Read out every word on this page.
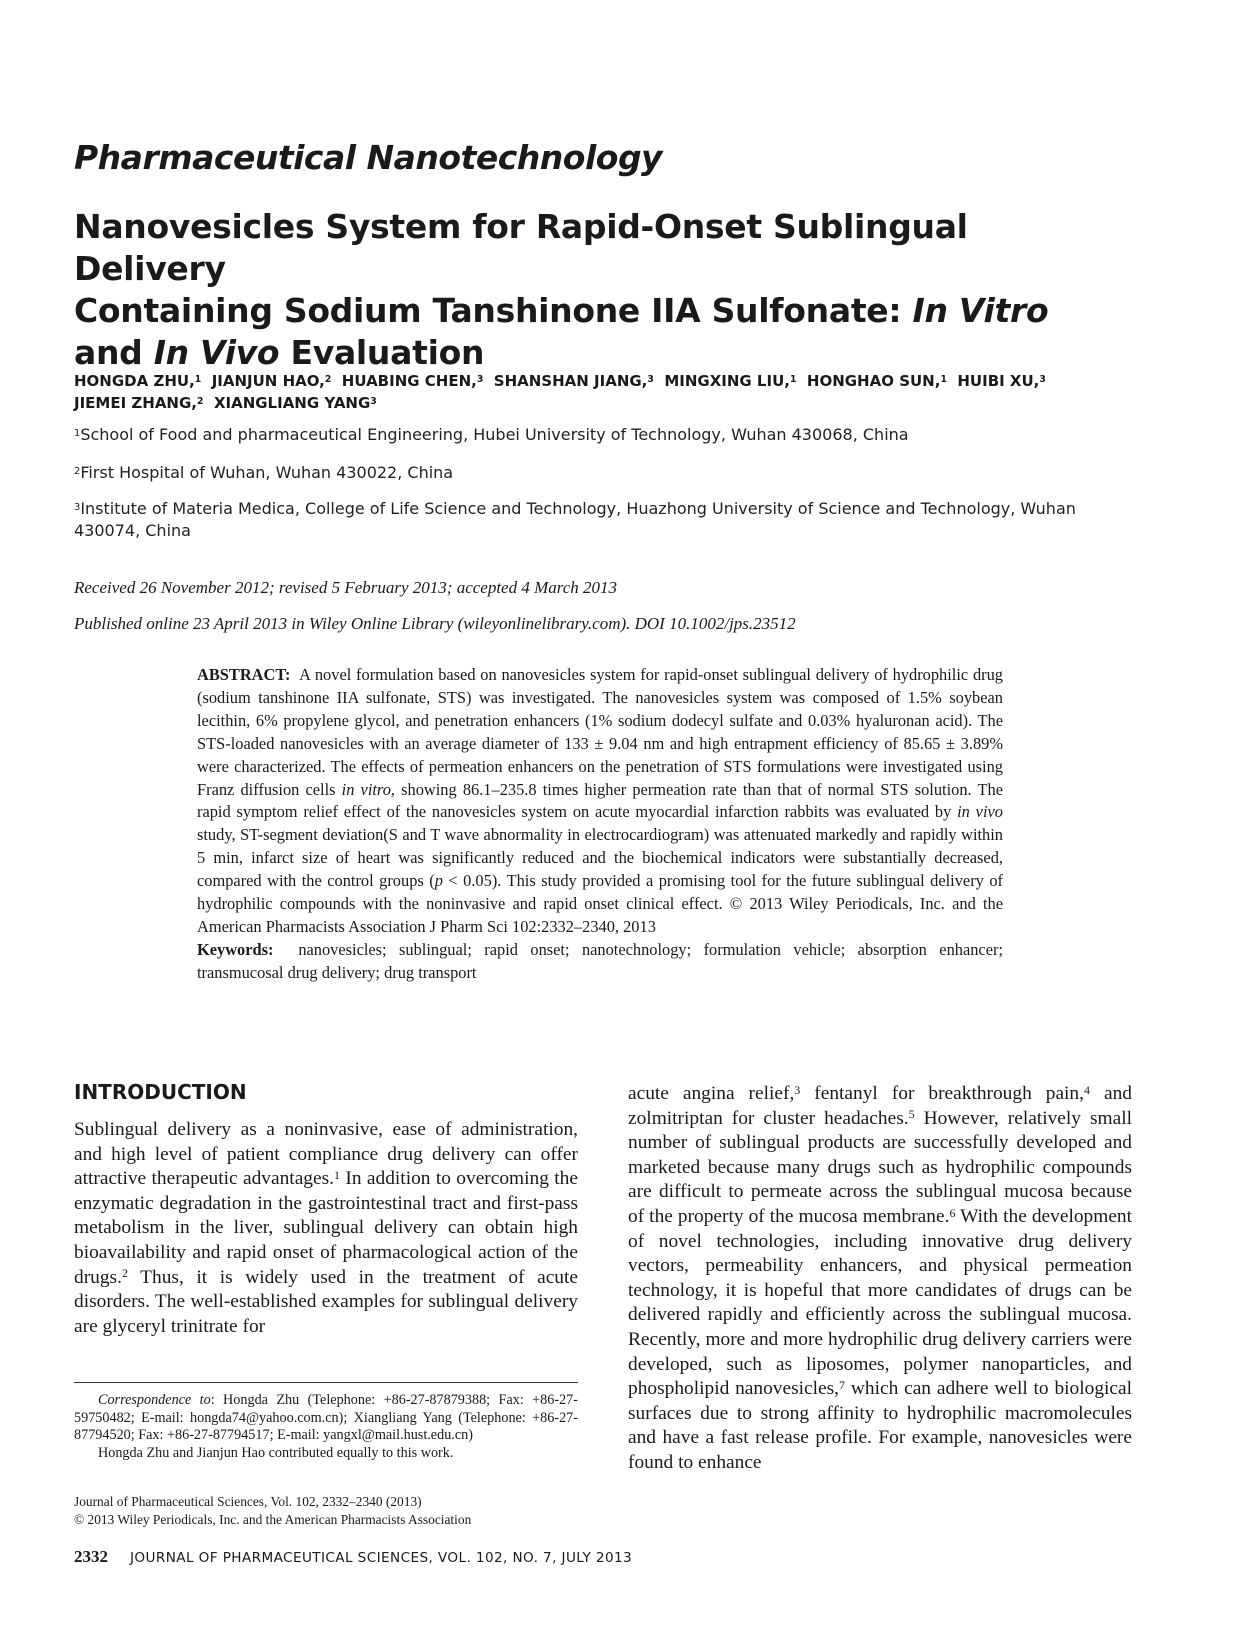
Pharmaceutical Nanotechnology
Nanovesicles System for Rapid-Onset Sublingual Delivery
Containing Sodium Tanshinone IIA Sulfonate: In Vitro
and In Vivo Evaluation
HONGDA ZHU,$^1$ JIANJUN HAO,$^2$ HUABING CHEN,$^3$ SHANSHAN JIANG,$^3$ MINGXING LIU,$^1$ HONGHAO SUN,$^1$ HUIBI XU,$^3$
JIEMEI ZHANG,$^2$ XIANGLIANG YANG$^3$
$^1$School of Food and pharmaceutical Engineering, Hubei University of Technology, Wuhan 430068, China
$^2$First Hospital of Wuhan, Wuhan 430022, China
$^3$Institute of Materia Medica, College of Life Science and Technology, Huazhong University of Science and Technology, Wuhan 430074, China
Received 26 November 2012; revised 5 February 2013; accepted 4 March 2013
Published online 23 April 2013 in Wiley Online Library (wileyonlinelibrary.com). DOI 10.1002/jps.23512

ABSTRACT: A novel formulation based on nanovesicles system for rapid-onset sublingual delivery of hydrophilic drug (sodium tanshinone IIA sulfonate, STS) was investigated. The nanovesicles system was composed of 1.5% soybean lecithin, 6% propylene glycol, and penetration enhancers (1% sodium dodecyl sulfate and 0.03% hyaluronan acid). The STS-loaded nanovesicles with an average diameter of 133 ± 9.04 nm and high entrapment efficiency of 85.65 ± 3.89% were characterized. The effects of permeation enhancers on the penetration of STS formulations were investigated using Franz diffusion cells in vitro, showing 86.1–235.8 times higher permeation rate than that of normal STS solution. The rapid symptom relief effect of the nanovesicles system on acute myocardial infarction rabbits was evaluated by in vivo study, ST-segment deviation(S and T wave abnormality in electrocardiogram) was attenuated markedly and rapidly within 5 min, infarct size of heart was significantly reduced and the biochemical indicators were substantially decreased, compared with the control groups (p < 0.05). This study provided a promising tool for the future sublingual delivery of hydrophilic compounds with the noninvasive and rapid onset clinical effect. © 2013 Wiley Periodicals, Inc. and the American Pharmacists Association J Pharm Sci 102:2332–2340, 2013

Keywords: nanovesicles; sublingual; rapid onset; nanotechnology; formulation vehicle; absorption enhancer; transmucosal drug delivery; drug transport

INTRODUCTION

Sublingual delivery as a noninvasive, ease of administration, and high level of patient compliance drug delivery can offer attractive therapeutic advantages.$^1$ In addition to overcoming the enzymatic degradation in the gastrointestinal tract and first-pass metabolism in the liver, sublingual delivery can obtain high bioavailability and rapid onset of pharmacological action of the drugs.$^2$ Thus, it is widely used in the treatment of acute disorders. The well-established examples for sublingual delivery are glyceryl trinitrate for

acute angina relief,$^3$ fentanyl for breakthrough pain,$^4$ and zolmitriptan for cluster headaches.$^5$ However, relatively small number of sublingual products are successfully developed and marketed because many drugs such as hydrophilic compounds are difficult to permeate across the sublingual mucosa because of the property of the mucosa membrane.$^6$ With the development of novel technologies, including innovative drug delivery vectors, permeability enhancers, and physical permeation technology, it is hopeful that more candidates of drugs can be delivered rapidly and efficiently across the sublingual mucosa. Recently, more and more hydrophilic drug delivery carriers were developed, such as liposomes, polymer nanoparticles, and phospholipid nanovesicles,$^7$ which can adhere well to biological surfaces due to strong affinity to hydrophilic macromolecules and have a fast release profile. For example, nanovesicles were found to enhance

Correspondence to: Hongda Zhu (Telephone: +86-27-87879388; Fax: +86-27-59750482; E-mail: hongda74@yahoo.com.cn); Xiangliang Yang (Telephone: +86-27-87794520; Fax: +86-27-87794517; E-mail: yangxl@mail.hust.edu.cn)

Hongda Zhu and Jianjun Hao contributed equally to this work.

Journal of Pharmaceutical Sciences, Vol. 102, 2332–2340 (2013)
© 2013 Wiley Periodicals, Inc. and the American Pharmacists Association
2332 JOURNAL OF PHARMACEUTICAL SCIENCES, VOL. 102, NO. 7, JULY 2013
